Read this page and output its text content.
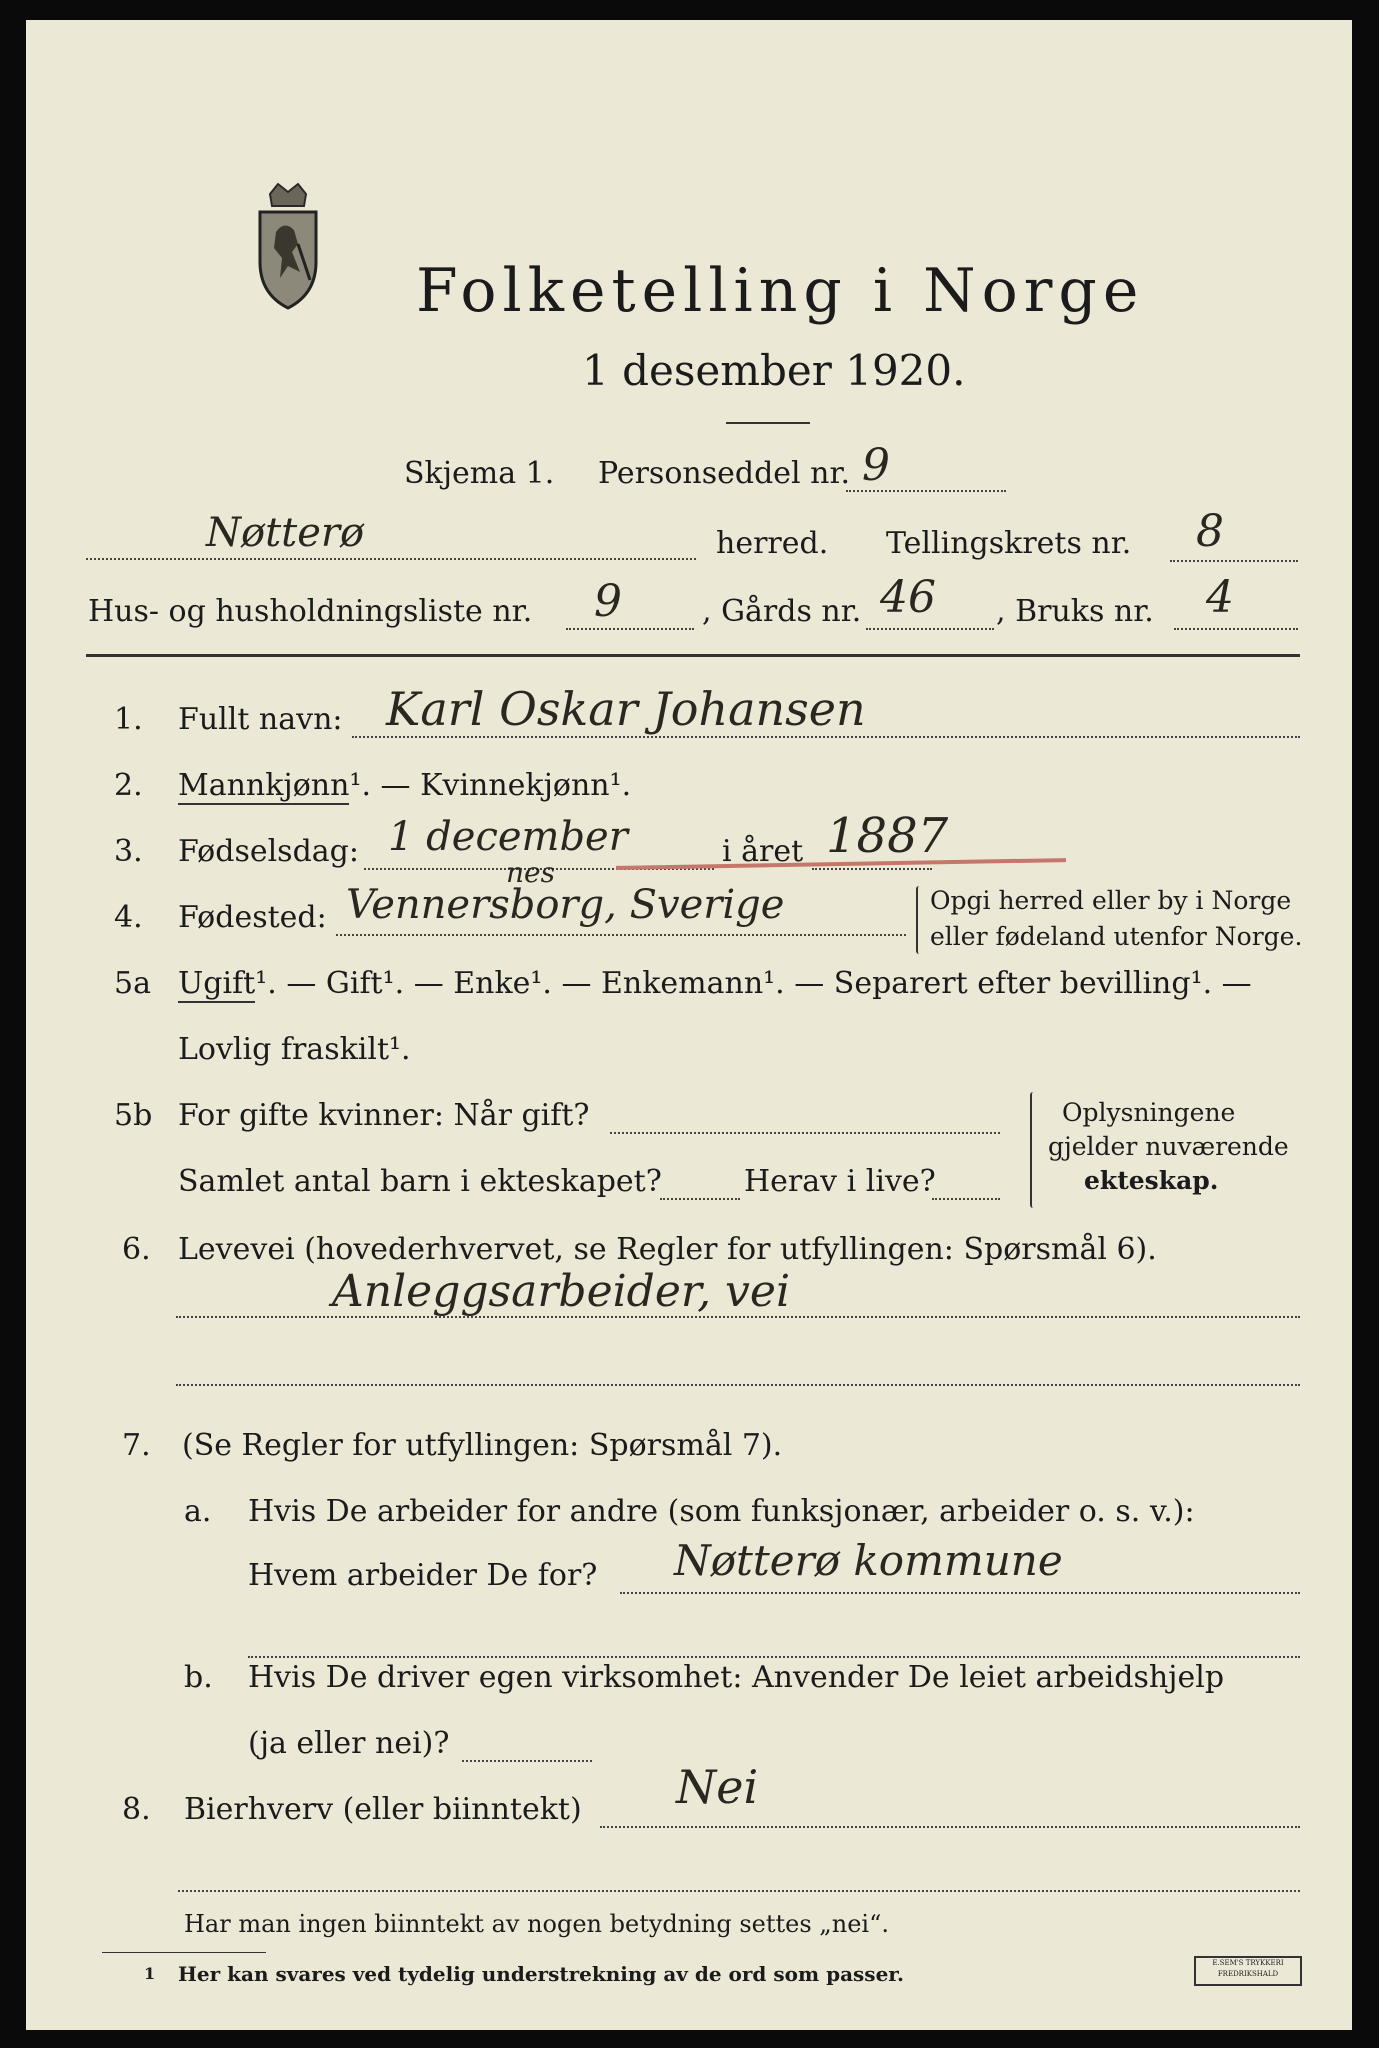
Folketelling i Norge
1 desember 1920.
Skjema 1. Personseddel nr. 9
Nøtterø	herred. Tellingskrets nr. 8
Hus- og husholdningsliste nr. 9	, Gårds nr. 46 , Bruks nr. 4
1. Fullt navn: Karl Oskar Johansen
2. Mannkjønn¹. — Kvinnekjønn¹.
3. Fødselsdag: 1 december	i året 1887
4. Fødested: Vennersborg, Sverige
nes
Opgi herred eller by i Norge
eller fødeland utenfor Norge.
5a Ugift¹. — Gift¹. — Enke¹. — Enkemann¹. — Separert efter bevilling¹. —
Lovlig fraskilt¹.
5b For gifte kvinner: Når gift?
Samlet antal barn i ekteskapet?	Herav i live?
Oplysningene
gjelder nuværende
ekteskap.
6. Levevei (hovederhvervet, se Regler for utfyllingen: Spørsmål 6).
Anleggsarbeider, vei
7. (Se Regler for utfyllingen: Spørsmål 7).
a. Hvis De arbeider for andre (som funksjonær, arbeider o. s. v.):
Hvem arbeider De for? Nøtterø kommune
b. Hvis De driver egen virksomhet: Anvender De leiet arbeidshjelp
(ja eller nei)?
8. Bierhverv (eller biinntekt) Nei
Har man ingen biinntekt av nogen betydning settes „nei“.
1 Her kan svares ved tydelig understrekning av de ord som passer.	E.SEM'S TRYKKERI
FREDRIKSHALD
